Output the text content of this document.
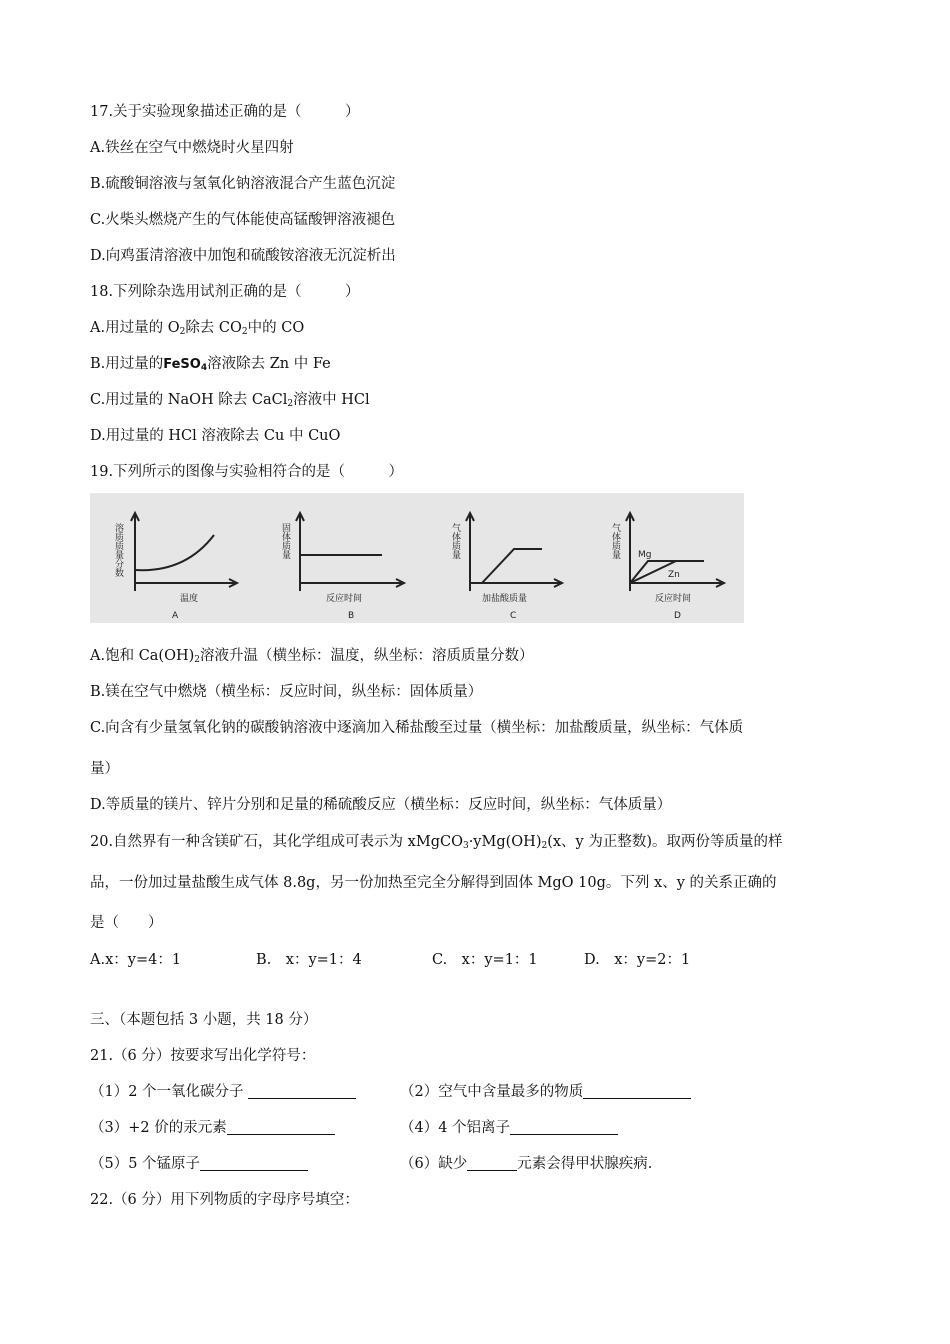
17.关于实验现象描述正确的是（　　　）
A.铁丝在空气中燃烧时火星四射
B.硫酸铜溶液与氢氧化钠溶液混合产生蓝色沉淀
C.火柴头燃烧产生的气体能使高锰酸钾溶液褪色
D.向鸡蛋清溶液中加饱和硫酸铵溶液无沉淀析出
18.下列除杂选用试剂正确的是（　　　）
A.用过量的 $O_2$除去 $CO_2$中的 CO
B.用过量的FeSO$_4$溶液除去 Zn 中 Fe
C.用过量的 NaOH 除去 CaCl$_2$溶液中 HCl
D.用过量的 HCl 溶液除去 Cu 中 CuO
19.下列所示的图像与实验相符合的是（　　　）
溶质质量分数
温度
A
固体质量
反应时间
B
气体质量
加盐酸质量
C
气体质量
反应时间
D
Mg
Zn
A.饱和 $Ca(OH)_2$溶液升温（横坐标：温度，纵坐标：溶质质量分数）
B.镁在空气中燃烧（横坐标：反应时间，纵坐标：固体质量）
C.向含有少量氢氧化钠的碳酸钠溶液中逐滴加入稀盐酸至过量（横坐标：加盐酸质量，纵坐标：气体质
量）
D.等质量的镁片、锌片分别和足量的稀硫酸反应（横坐标：反应时间，纵坐标：气体质量）
20.自然界有一种含镁矿石，其化学组成可表示为 $xMgCO_3\cdot yMg(OH)_2(x$、y 为正整数)。取两份等质量的样
品，一份加过量盐酸生成气体 8.8g，另一份加热至完全分解得到固体 MgO 10g。下列 x、y 的关系正确的
是（　　）
A.x：y=4：1	B.　x：y=1：4	C.　x：y=1：1	D.　x：y=2：1
三、（本题包括 3 小题，共 18 分）
21.（6 分）按要求写出化学符号：
（1）2 个一氧化碳分子	（2）空气中含量最多的物质
（3）+2 价的汞元素	（4）4 个铝离子
（5）5 个锰原子	（6）缺少	元素会得甲状腺疾病.
22.（6 分）用下列物质的字母序号填空：
